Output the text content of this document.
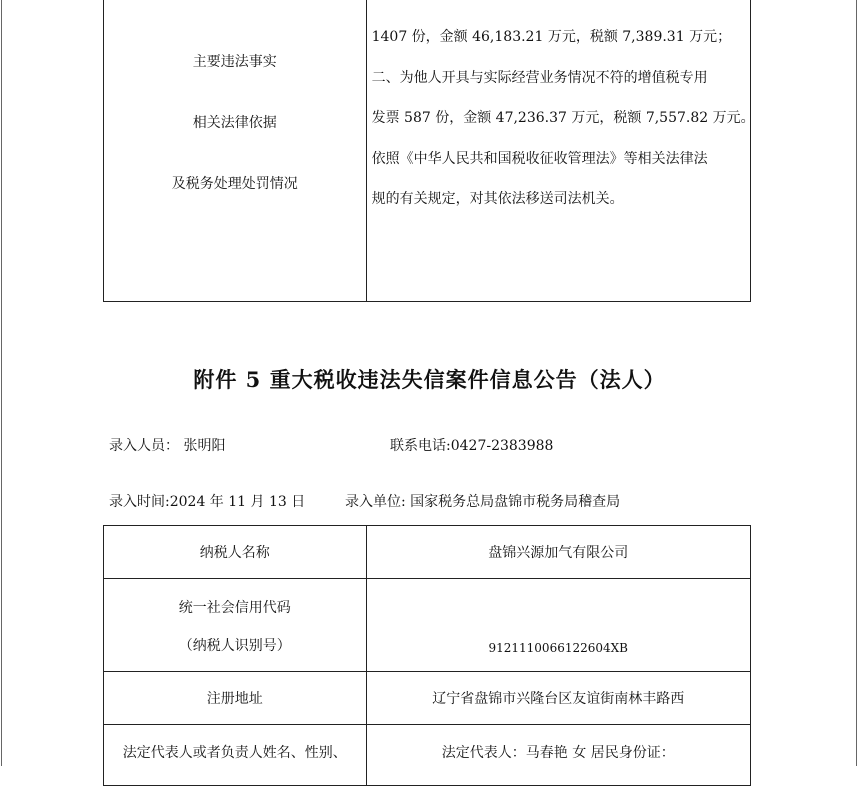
主要违法事实
相关法律依据
及税务处理处罚情况

1407 份，金额 46,183.21 万元，税额 7,389.31 万元；
二、为他人开具与实际经营业务情况不符的增值税专用
发票 587 份，金额 47,236.37 万元，税额 7,557.82 万元。
依照《中华人民共和国税收征收管理法》等相关法律法
规的有关规定，对其依法移送司法机关。
附件 5 重大税收违法失信案件信息公告（法人）
录入人员： 张明阳	联系电话:0427-2383988
录入时间:2024 年 11 月 13 日	录入单位: 国家税务总局盘锦市税务局稽查局
纳税人名称	盘锦兴源加气有限公司

统一社会信用代码
（纳税人识别号）	9121110066122604XB

注册地址	辽宁省盘锦市兴隆台区友谊街南林丰路西

法定代表人或者负责人姓名、性别、	法定代表人：马春艳 女 居民身份证：
